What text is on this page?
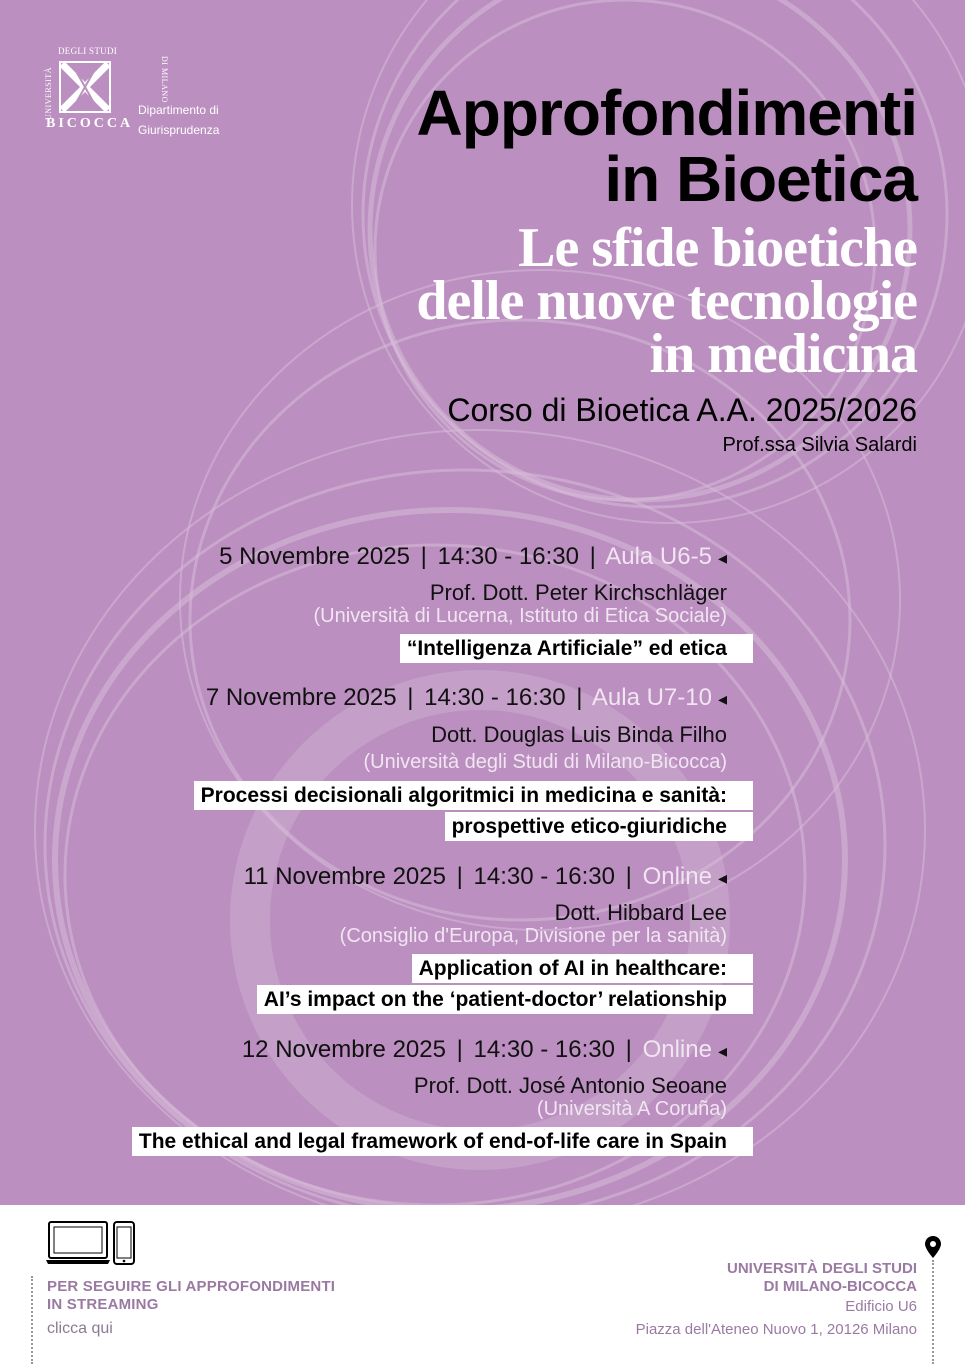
UNIVERSITÀ
DEGLI STUDI
DI MILANO
BICOCCA
Dipartimento di
Giurisprudenza	Approfondimenti
in Bioetica
Le sfide bioetiche
delle nuove tecnologie
in medicina
Corso di Bioetica A.A. 2025/2026
Prof.ssa Silvia Salardi
5 Novembre 2025 | 14:30 - 16:30 | Aula U6-5 ◂
Prof. Dott. Peter Kirchschläger
(Università di Lucerna, Istituto di Etica Sociale)
“Intelligenza Artificiale” ed etica
7 Novembre 2025 | 14:30 - 16:30 | Aula U7-10 ◂
Dott. Douglas Luis Binda Filho
(Università degli Studi di Milano-Bicocca)
Processi decisionali algoritmici in medicina e sanità:
prospettive etico-giuridiche
11 Novembre 2025 | 14:30 - 16:30 | Online ◂
Dott. Hibbard Lee
(Consiglio d'Europa, Divisione per la sanità)
Application of AI in healthcare:
AI’s impact on the ‘patient-doctor’ relationship
12 Novembre 2025 | 14:30 - 16:30 | Online ◂
Prof. Dott. José Antonio Seoane
(Università A Coruña)
The ethical and legal framework of end-of-life care in Spain
PER SEGUIRE GLI APPROFONDIMENTI
IN STREAMING
clicca qui
UNIVERSITÀ DEGLI STUDI
DI MILANO-BICOCCA
Edificio U6
Piazza dell'Ateneo Nuovo 1, 20126 Milano
